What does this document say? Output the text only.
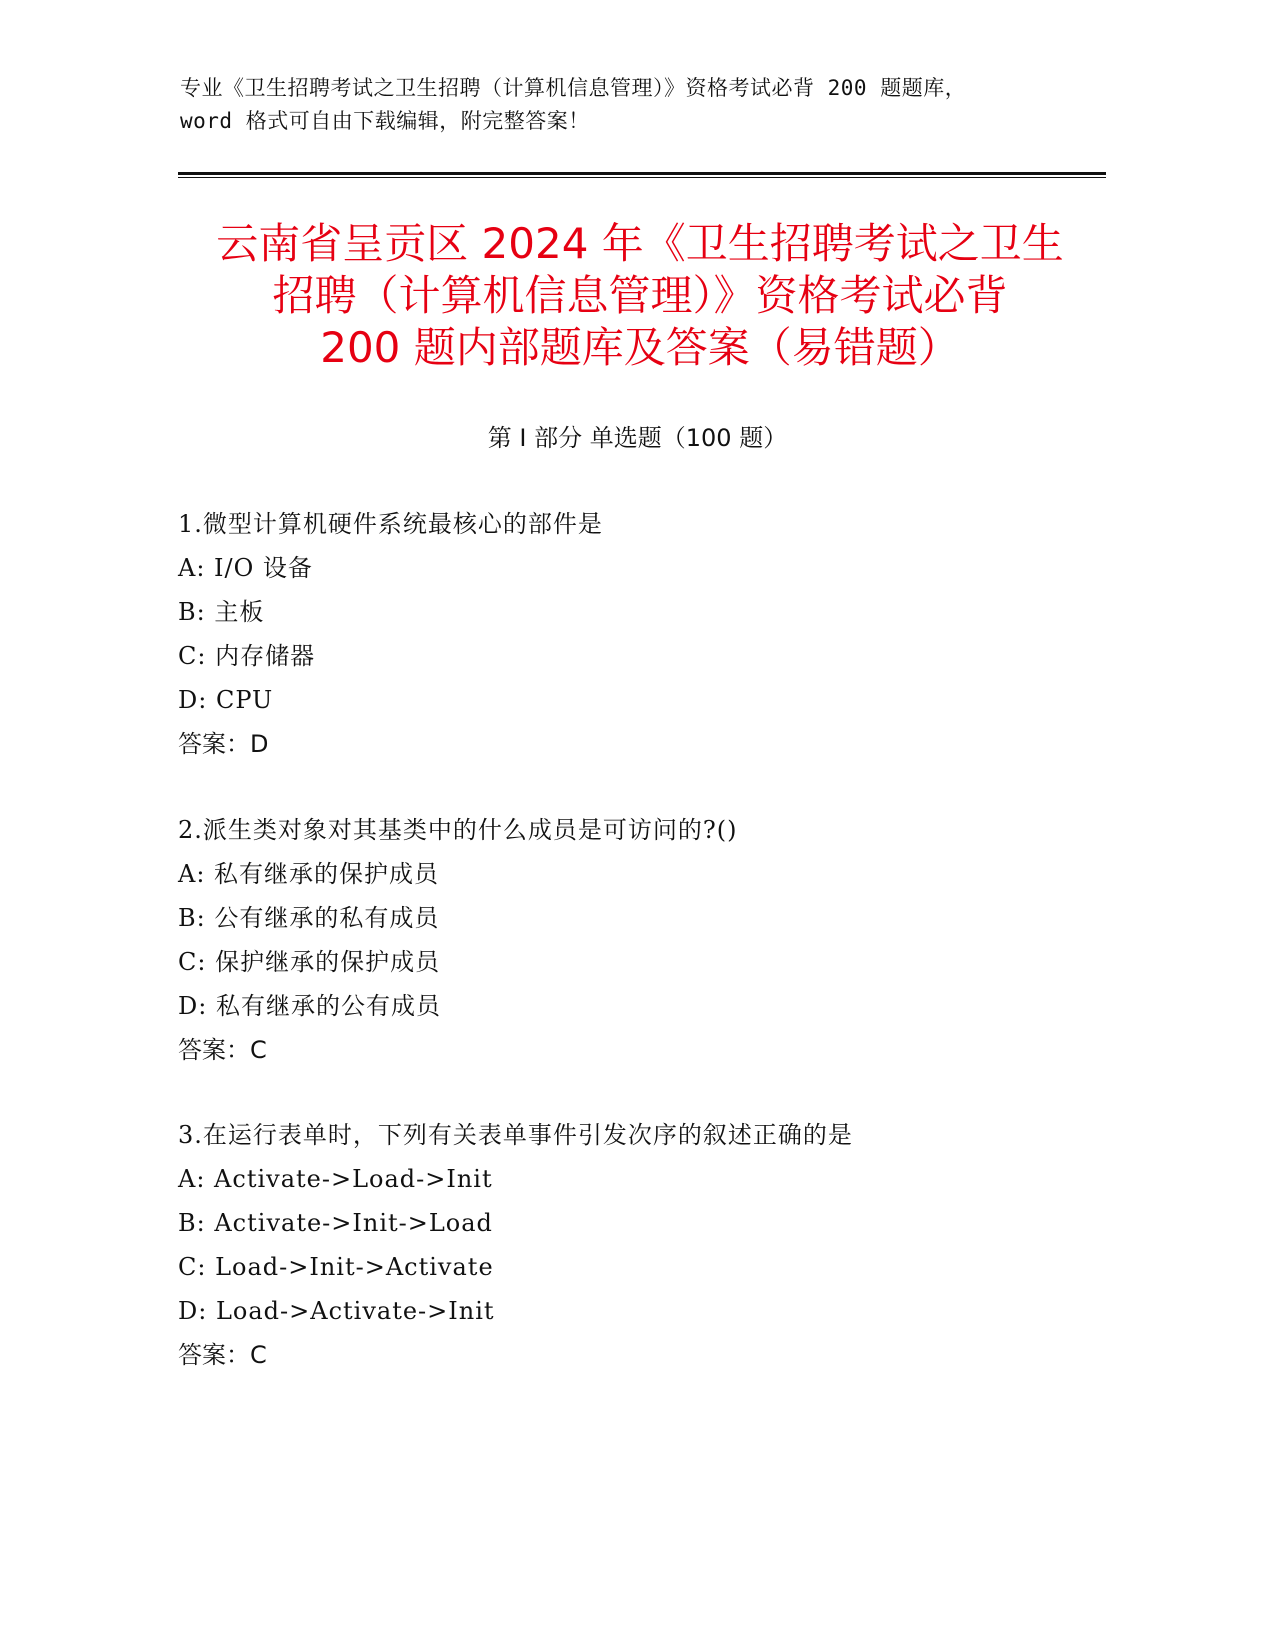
专业《卫生招聘考试之卫生招聘（计算机信息管理）》资格考试必背 200 题题库，
word 格式可自由下载编辑，附完整答案！
云南省呈贡区 2024 年《卫生招聘考试之卫生
招聘（计算机信息管理）》资格考试必背
200 题内部题库及答案（易错题）
第 I 部分 单选题（100 题）
1.微型计算机硬件系统最核心的部件是
A: I/O 设备
B: 主板
C: 内存储器
D: CPU
答案：D
2.派生类对象对其基类中的什么成员是可访问的?()
A: 私有继承的保护成员
B: 公有继承的私有成员
C: 保护继承的保护成员
D: 私有继承的公有成员
答案：C
3.在运行表单时，下列有关表单事件引发次序的叙述正确的是
A: Activate->Load->Init
B: Activate->Init->Load
C: Load->Init->Activate
D: Load->Activate->Init
答案：C
